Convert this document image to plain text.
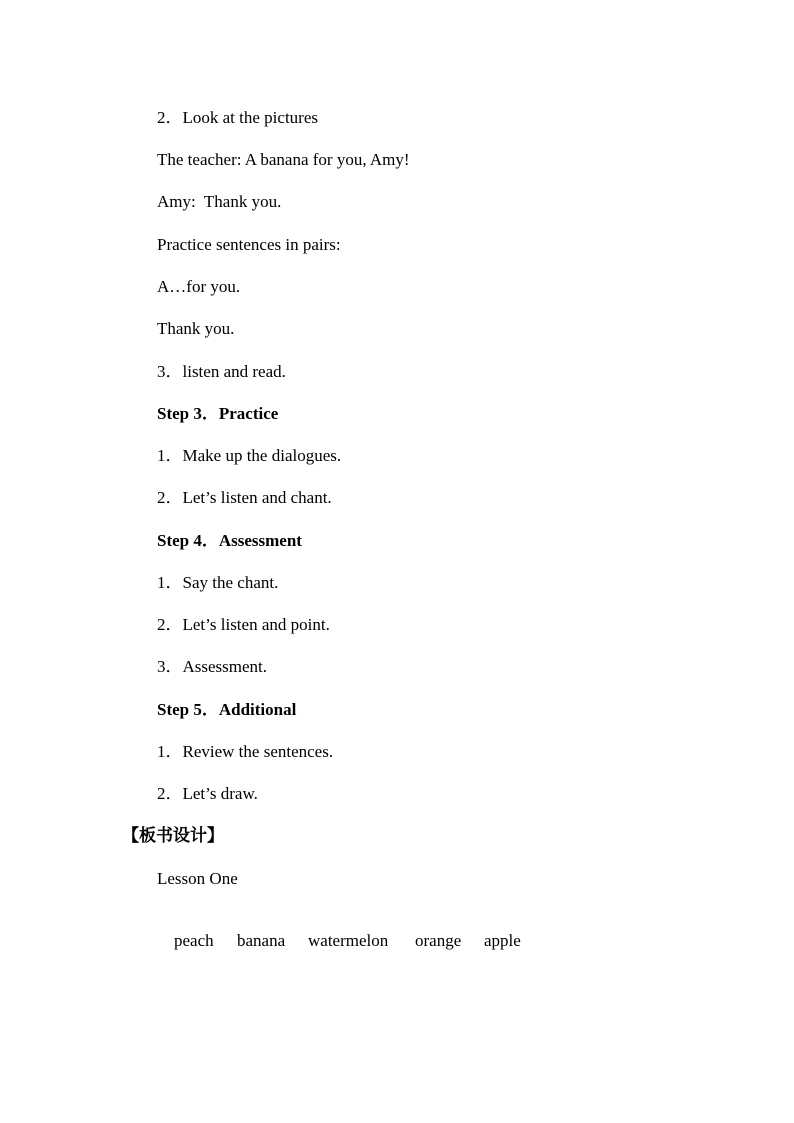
2．Look at the pictures
The teacher: A banana for you, Amy!
Amy:  Thank you.
Practice sentences in pairs:
A…for you.
Thank you.
3．listen and read.
Step 3．Practice
1．Make up the dialogues.
2．Let’s listen and chant.
Step 4．Assessment
1．Say the chant.
2．Let’s listen and point.
3．Assessment.
Step 5．Additional
1．Review the sentences.
2．Let’s draw.
【板书设计】
Lesson One

peach banana watermelon orange apple
